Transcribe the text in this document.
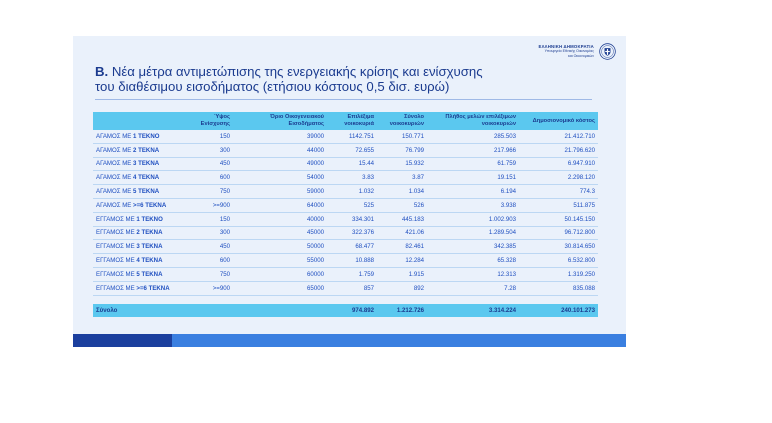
ΕΛΛΗΝΙΚΗ ΔΗΜΟΚΡΑΤΙΑ
Υπουργείο Εθνικής Οικονομίας
και Οικονομικών
B. Νέα μέτρα αντιμετώπισης της ενεργειακής κρίσης και ενίσχυσης
του διαθέσιμου εισοδήματος (ετήσιου κόστους 0,5 δισ. ευρώ)
	Ύψος Ενίσχυσης	Όριο Οικογενειακού Εισοδήματος	Επιλέξιμα νοικοκυριά	Σύνολο νοικοκυριών	Πλήθος μελών επιλέξιμων νοικοκυριών	Δημοσιονομικό κόστος
ΑΓΑΜΟΣ ΜΕ 1 ΤΕΚΝΟ	150	39000	1142.751	150.771	285.503	21.412.710
ΑΓΑΜΟΣ ΜΕ 2 ΤΕΚΝΑ	300	44000	72.655	76.799	217.966	21.796.620
ΑΓΑΜΟΣ ΜΕ 3 ΤΕΚΝΑ	450	49000	15.44	15.932	61.759	6.947.910
ΑΓΑΜΟΣ ΜΕ 4 ΤΕΚΝΑ	600	54000	3.83	3.87	19.151	2.298.120
ΑΓΑΜΟΣ ΜΕ 5 ΤΕΚΝΑ	750	59000	1.032	1.034	6.194	774.3
ΑΓΑΜΟΣ ΜΕ >=6 ΤΕΚΝΑ	>=900	64000	525	526	3.938	511.875
ΕΓΓΑΜΟΣ ΜΕ 1 ΤΕΚΝΟ	150	40000	334.301	445.183	1.002.903	50.145.150
ΕΓΓΑΜΟΣ ΜΕ 2 ΤΕΚΝΑ	300	45000	322.376	421.06	1.289.504	96.712.800
ΕΓΓΑΜΟΣ ΜΕ 3 ΤΕΚΝΑ	450	50000	68.477	82.461	342.385	30.814.650
ΕΓΓΑΜΟΣ ΜΕ 4 ΤΕΚΝΑ	600	55000	10.888	12.284	65.328	6.532.800
ΕΓΓΑΜΟΣ ΜΕ 5 ΤΕΚΝΑ	750	60000	1.759	1.915	12.313	1.319.250
ΕΓΓΑΜΟΣ ΜΕ >=6 ΤΕΚΝΑ	>=900	65000	857	892	7.28	835.088

Σύνολο			974.892	1.212.726	3.314.224	240.101.273
